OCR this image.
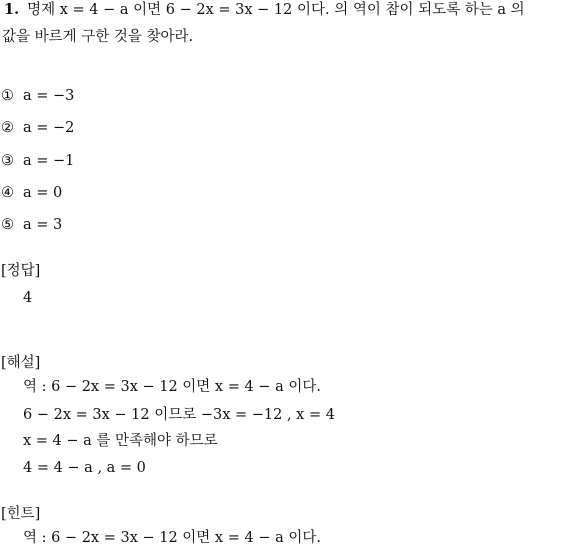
1. 명제 x = 4 − a 이면 6 − 2x = 3x − 12 이다. 의 역이 참이 되도록 하는 a 의
값을 바르게 구한 것을 찾아라.
① a = −3
② a = −2
③ a = −1
④ a = 0
⑤ a = 3
[정답]
4
[해설]
역 : 6 − 2x = 3x − 12 이면 x = 4 − a 이다.
6 − 2x = 3x − 12 이므로 −3x = −12 , x = 4
x = 4 − a 를 만족해야 하므로
4 = 4 − a , a = 0
[힌트]
역 : 6 − 2x = 3x − 12 이면 x = 4 − a 이다.
